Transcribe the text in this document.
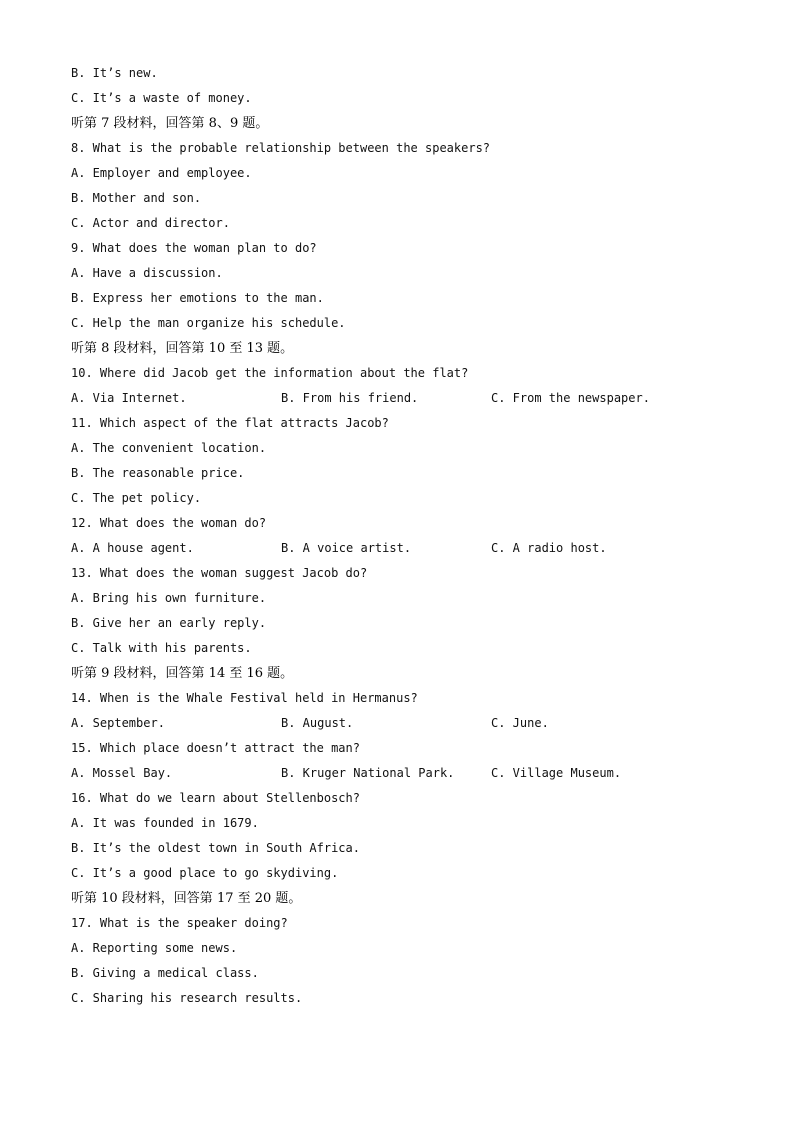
B. It’s new.
C. It’s a waste of money.
听第 7 段材料，回答第 8、9 题。
8. What is the probable relationship between the speakers?
A. Employer and employee.
B. Mother and son.
C. Actor and director.
9. What does the woman plan to do?
A. Have a discussion.
B. Express her emotions to the man.
C. Help the man organize his schedule.
听第 8 段材料，回答第 10 至 13 题。
10. Where did Jacob get the information about the flat?
A. Via Internet.	B. From his friend.	C. From the newspaper.
11. Which aspect of the flat attracts Jacob?
A. The convenient location.
B. The reasonable price.
C. The pet policy.
12. What does the woman do?
A. A house agent.	B. A voice artist.	C. A radio host.
13. What does the woman suggest Jacob do?
A. Bring his own furniture.
B. Give her an early reply.
C. Talk with his parents.
听第 9 段材料，回答第 14 至 16 题。
14. When is the Whale Festival held in Hermanus?
A. September.	B. August.	C. June.
15. Which place doesn’t attract the man?
A. Mossel Bay.	B. Kruger National Park.	C. Village Museum.
16. What do we learn about Stellenbosch?
A. It was founded in 1679.
B. It’s the oldest town in South Africa.
C. It’s a good place to go skydiving.
听第 10 段材料，回答第 17 至 20 题。
17. What is the speaker doing?
A. Reporting some news.
B. Giving a medical class.
C. Sharing his research results.
